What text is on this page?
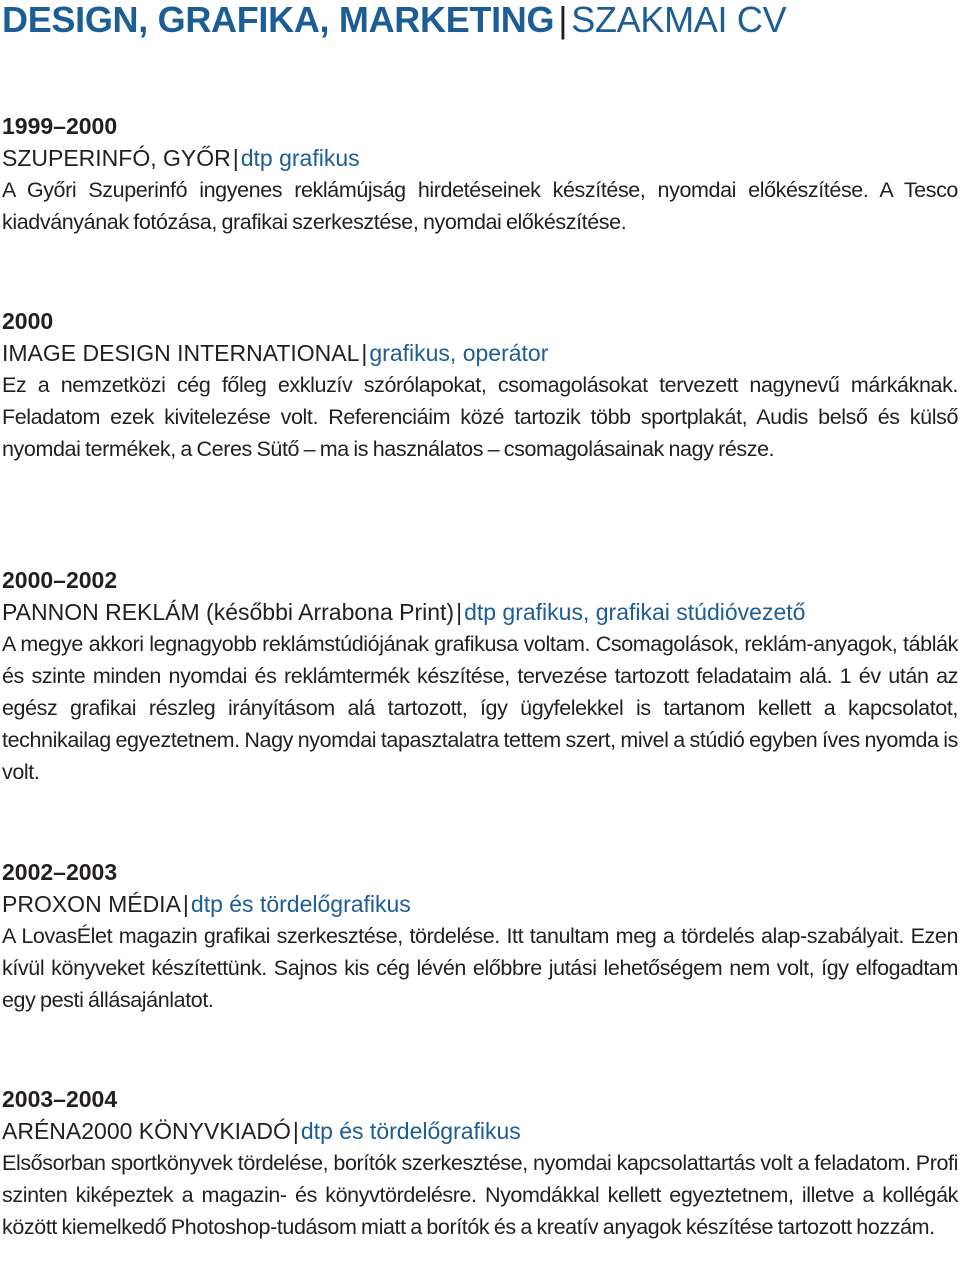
DESIGN, GRAFIKA, MARKETING | SZAKMAI CV

1999–2000

SZUPERINFÓ, GYŐR|dtp grafikus

A Győri Szuperinfó ingyenes reklámújság hirdetéseinek készítése, nyomdai előkészítése. A Tesco kiadványának fotózása, grafikai szerkesztése, nyomdai előkészítése.

2000

IMAGE DESIGN INTERNATIONAL|grafikus, operátor

Ez a nemzetközi cég főleg exkluzív szórólapokat, csomagolásokat tervezett nagynevű márkáknak. Feladatom ezek kivitelezése volt. Referenciáim közé tartozik több sportplakát, Audis belső és külső nyomdai termékek, a Ceres Sütő – ma is használatos – csomagolásainak nagy része.

2000–2002

PANNON REKLÁM (későbbi Arrabona Print)|dtp grafikus, grafikai stúdióvezető

A megye akkori legnagyobb reklámstúdiójának grafikusa voltam. Csomagolások, reklám-anyagok, táblák és szinte minden nyomdai és reklámtermék készítése, tervezése tartozott feladataim alá. 1 év után az egész grafikai részleg irányításom alá tartozott, így ügyfelekkel is tartanom kellett a kapcsolatot, technikailag egyeztetnem. Nagy nyomdai tapasztalatra tettem szert, mivel a stúdió egyben íves nyomda is volt.

2002–2003

PROXON MÉDIA|dtp és tördelőgrafikus

A LovasÉlet magazin grafikai szerkesztése, tördelése. Itt tanultam meg a tördelés alap-szabályait. Ezen kívül könyveket készítettünk. Sajnos kis cég lévén előbbre jutási lehetőségem nem volt, így elfogadtam egy pesti állásajánlatot.

2003–2004

ARÉNA2000 KÖNYVKIADÓ|dtp és tördelőgrafikus

Elsősorban sportkönyvek tördelése, borítók szerkesztése, nyomdai kapcsolattartás volt a feladatom. Profi szinten kiképeztek a magazin- és könyvtördelésre. Nyomdákkal kellett egyeztetnem, illetve a kollégák között kiemelkedő Photoshop-tudásom miatt a borítók és a kreatív anyagok készítése tartozott hozzám.
